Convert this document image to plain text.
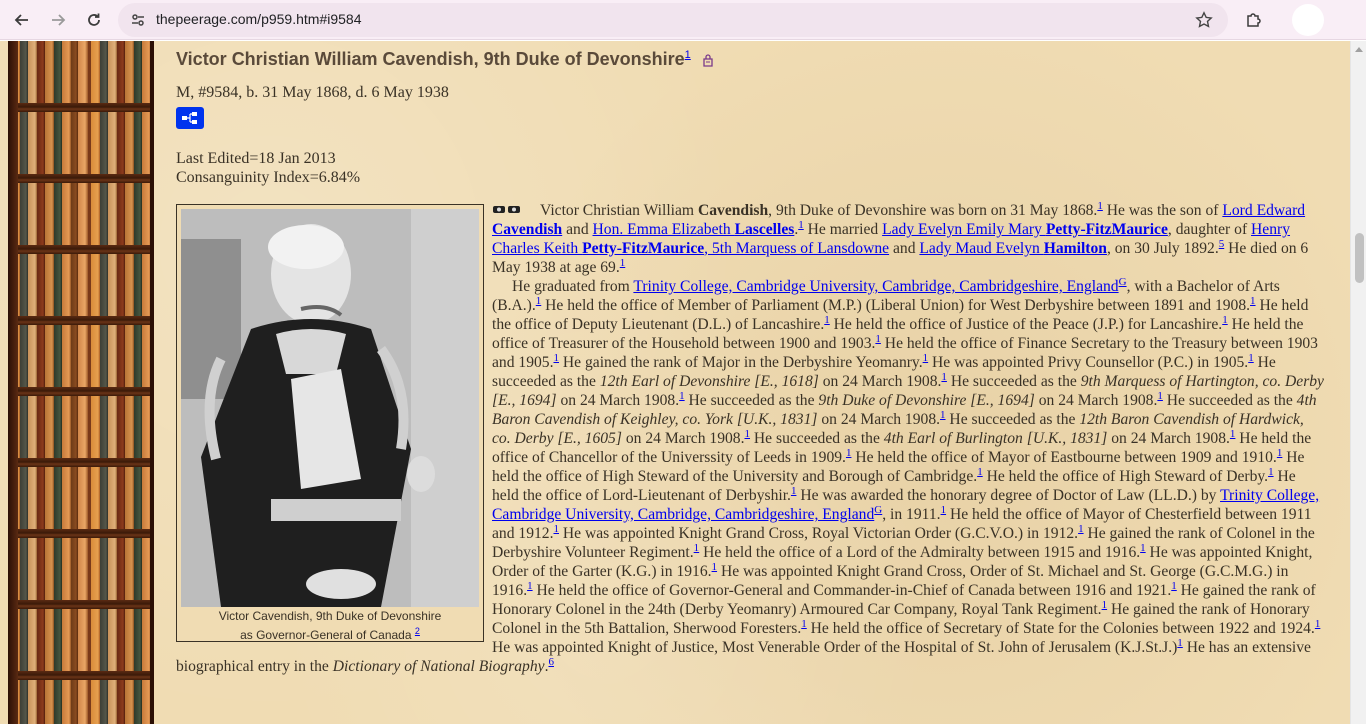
thepeerage.com/p959.htm#i9584
Victor Christian William Cavendish, 9th Duke of Devonshire$^1$
M, #9584, b. 31 May 1868, d. 6 May 1938
Last Edited=18 Jan 2013
Consanguinity Index=6.84%
Victor Cavendish, 9th Duke of Devonshire
as Governor-General of Canada $^2$

Victor Christian William Cavendish, 9th Duke of Devonshire was born on 31 May 1868.$^1$ He was the son of Lord Edward Cavendish and Hon. Emma Elizabeth Lascelles.$^1$ He married Lady Evelyn Emily Mary Petty-FitzMaurice, daughter of Henry Charles Keith Petty-FitzMaurice, 5th Marquess of Lansdowne and Lady Maud Evelyn Hamilton, on 30 July 1892.$^5$ He died on 6 May 1938 at age 69.$^1$

He graduated from Trinity College, Cambridge University, Cambridge, Cambridgeshire, England$^G$, with a Bachelor of Arts (B.A.).$^1$ He held the office of Member of Parliament (M.P.) (Liberal Union) for West Derbyshire between 1891 and 1908.$^1$ He held the office of Deputy Lieutenant (D.L.) of Lancashire.$^1$ He held the office of Justice of the Peace (J.P.) for Lancashire.$^1$ He held the office of Treasurer of the Household between 1900 and 1903.$^1$ He held the office of Finance Secretary to the Treasury between 1903 and 1905.$^1$ He gained the rank of Major in the Derbyshire Yeomanry.$^1$ He was appointed Privy Counsellor (P.C.) in 1905.$^1$ He succeeded as the 12th Earl of Devonshire [E., 1618] on 24 March 1908.$^1$ He succeeded as the 9th Marquess of Hartington, co. Derby [E., 1694] on 24 March 1908.$^1$ He succeeded as the 9th Duke of Devonshire [E., 1694] on 24 March 1908.$^1$ He succeeded as the 4th Baron Cavendish of Keighley, co. York [U.K., 1831] on 24 March 1908.$^1$ He succeeded as the 12th Baron Cavendish of Hardwick, co. Derby [E., 1605] on 24 March 1908.$^1$ He succeeded as the 4th Earl of Burlington [U.K., 1831] on 24 March 1908.$^1$ He held the office of Chancellor of the Universsity of Leeds in 1909.$^1$ He held the office of Mayor of Eastbourne between 1909 and 1910.$^1$ He held the office of High Steward of the University and Borough of Cambridge.$^1$ He held the office of High Steward of Derby.$^1$ He held the office of Lord-Lieutenant of Derbyshir.$^1$ He was awarded the honorary degree of Doctor of Law (LL.D.) by Trinity College, Cambridge University, Cambridge, Cambridgeshire, England$^G$, in 1911.$^1$ He held the office of Mayor of Chesterfield between 1911 and 1912.$^1$ He was appointed Knight Grand Cross, Royal Victorian Order (G.C.V.O.) in 1912.$^1$ He gained the rank of Colonel in the Derbyshire Volunteer Regiment.$^1$ He held the office of a Lord of the Admiralty between 1915 and 1916.$^1$ He was appointed Knight, Order of the Garter (K.G.) in 1916.$^1$ He was appointed Knight Grand Cross, Order of St. Michael and St. George (G.C.M.G.) in 1916.$^1$ He held the office of Governor-General and Commander-in-Chief of Canada between 1916 and 1921.$^1$ He gained the rank of Honorary Colonel in the 24th (Derby Yeomanry) Armoured Car Company, Royal Tank Regiment.$^1$ He gained the rank of Honorary Colonel in the 5th Battalion, Sherwood Foresters.$^1$ He held the office of Secretary of State for the Colonies between 1922 and 1924.$^1$ He was appointed Knight of Justice, Most Venerable Order of the Hospital of St. John of Jerusalem (K.J.St.J.)$^1$ He has an extensive biographical entry in the Dictionary of National Biography.$^6$
